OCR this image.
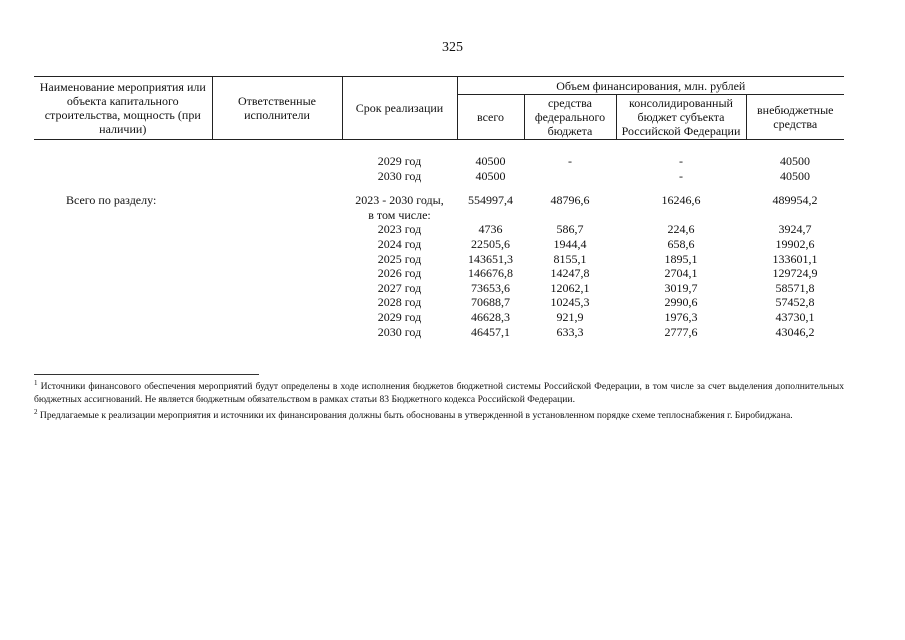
325
Наименование мероприятия или объекта капитального строительства, мощность (при наличии)	Ответственные исполнители	Срок реализации	Объем финансирования, млн. рублей			
			всего	средства федерального бюджета	консолидированный бюджет субъекта Российской Федерации	внебюджетные средства

		2029 год	40500	-	-	40500
		2030 год	40500		-	40500

Всего по разделу:		2023 - 2030 годы,	554997,4	48796,6	16246,6	489954,2
		в том числе:				
		2023 год	4736	586,7	224,6	3924,7
		2024 год	22505,6	1944,4	658,6	19902,6
		2025 год	143651,3	8155,1	1895,1	133601,1
		2026 год	146676,8	14247,8	2704,1	129724,9
		2027 год	73653,6	12062,1	3019,7	58571,8
		2028 год	70688,7	10245,3	2990,6	57452,8
		2029 год	46628,3	921,9	1976,3	43730,1
		2030 год	46457,1	633,3	2777,6	43046,2

$^1$ Источники финансового обеспечения мероприятий будут определены в ходе исполнения бюджетов бюджетной системы Российской Федерации, в том числе за счет выделения дополнительных бюджетных ассигнований. Не является бюджетным обязательством в рамках статьи 83 Бюджетного кодекса Российской Федерации.

$^2$ Предлагаемые к реализации мероприятия и источники их финансирования должны быть обоснованы в утвержденной в установленном порядке схеме теплоснабжения г. Биробиджана.
